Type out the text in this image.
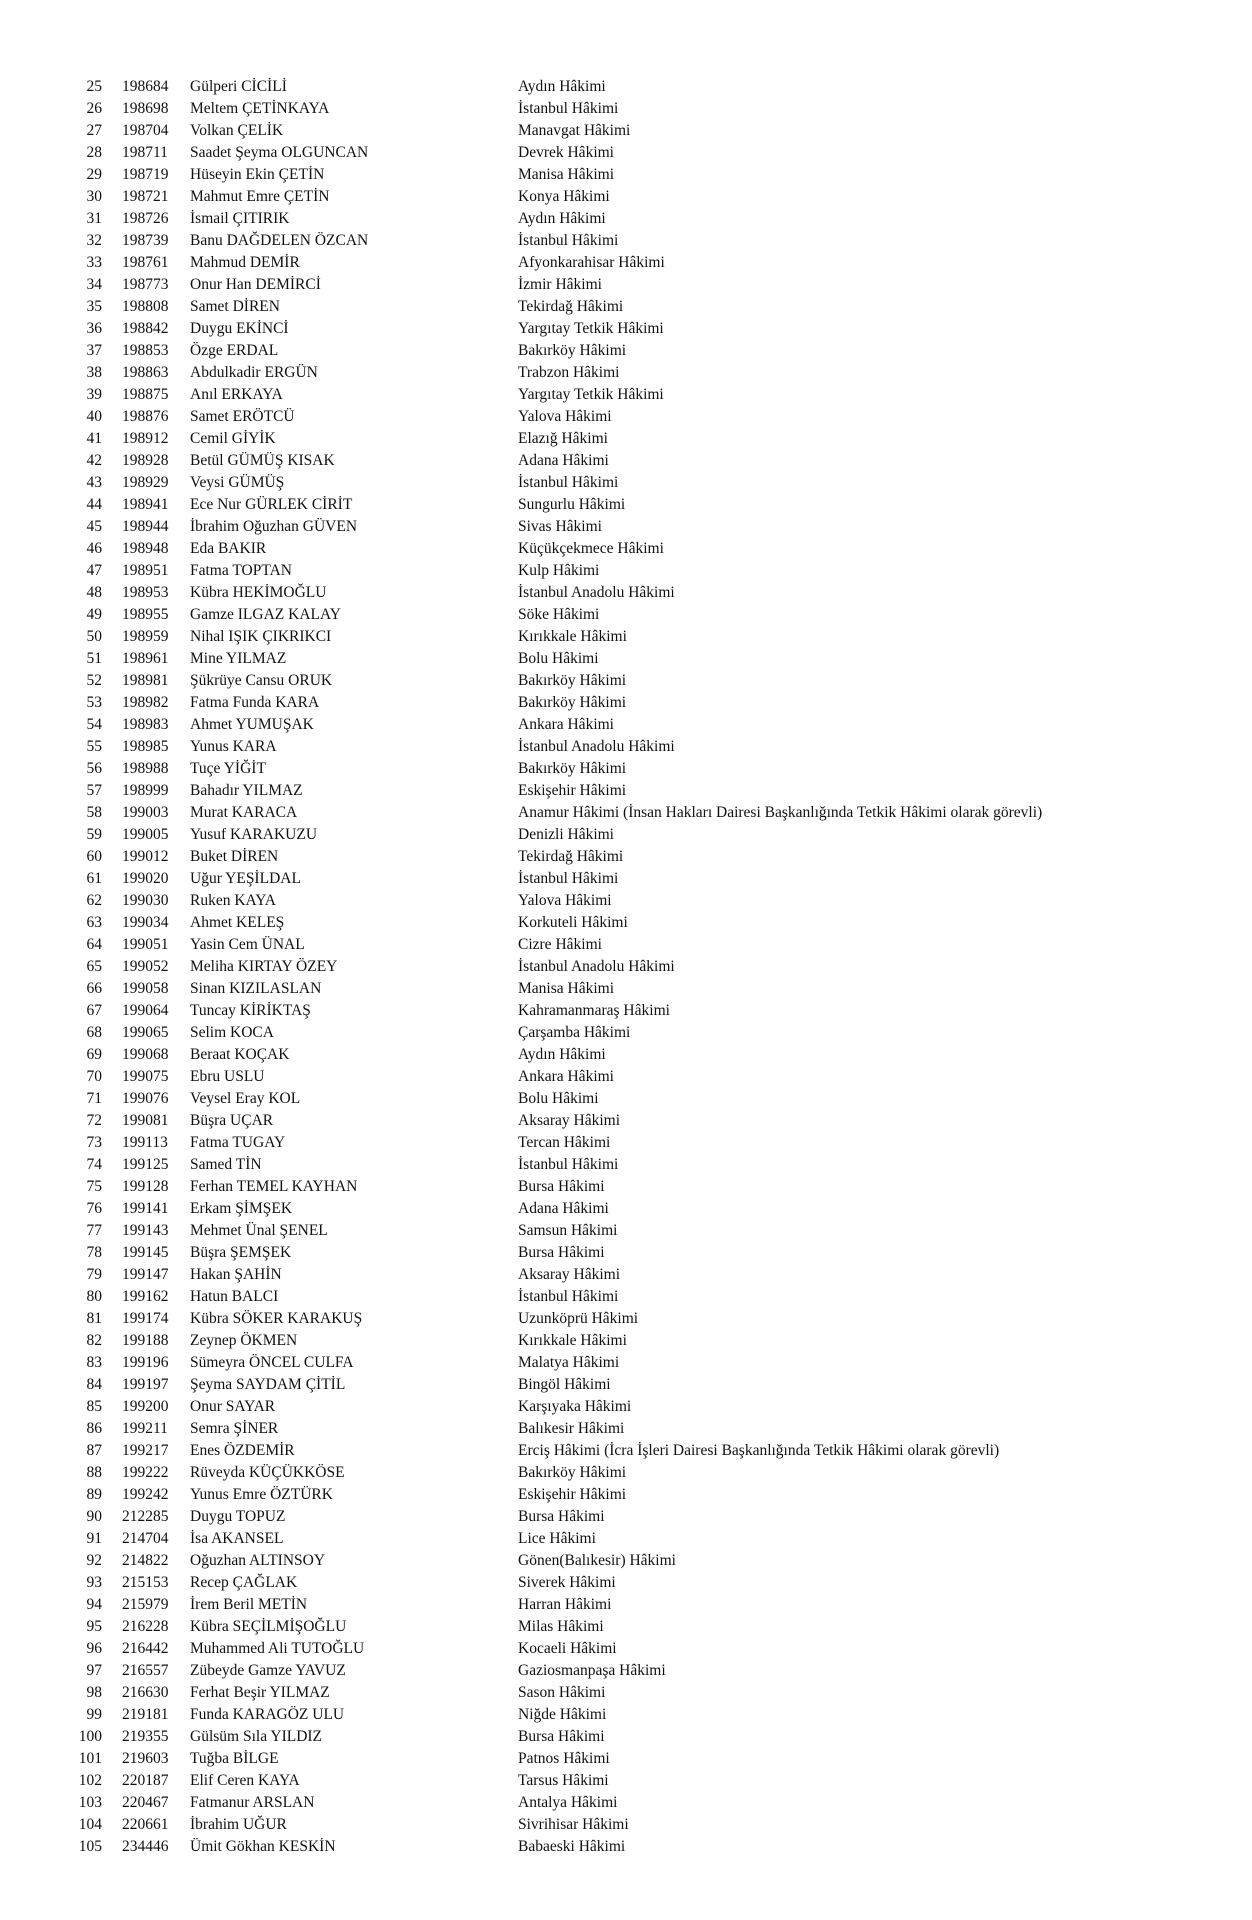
25 198684 Gülperi CİCİLİ	Aydın Hâkimi
26 198698 Meltem ÇETİNKAYA	İstanbul Hâkimi
27 198704 Volkan ÇELİK	Manavgat Hâkimi
28 198711 Saadet Şeyma OLGUNCAN	Devrek Hâkimi
29 198719 Hüseyin Ekin ÇETİN	Manisa Hâkimi
30 198721 Mahmut Emre ÇETİN	Konya Hâkimi
31 198726 İsmail ÇITIRIK	Aydın Hâkimi
32 198739 Banu DAĞDELEN ÖZCAN	İstanbul Hâkimi
33 198761 Mahmud DEMİR	Afyonkarahisar Hâkimi
34 198773 Onur Han DEMİRCİ	İzmir Hâkimi
35 198808 Samet DİREN	Tekirdağ Hâkimi
36 198842 Duygu EKİNCİ	Yargıtay Tetkik Hâkimi
37 198853 Özge ERDAL	Bakırköy Hâkimi
38 198863 Abdulkadir ERGÜN	Trabzon Hâkimi
39 198875 Anıl ERKAYA	Yargıtay Tetkik Hâkimi
40 198876 Samet ERÖTCÜ	Yalova Hâkimi
41 198912 Cemil GİYİK	Elazığ Hâkimi
42 198928 Betül GÜMÜŞ KISAK	Adana Hâkimi
43 198929 Veysi GÜMÜŞ	İstanbul Hâkimi
44 198941 Ece Nur GÜRLEK CİRİT	Sungurlu Hâkimi
45 198944 İbrahim Oğuzhan GÜVEN	Sivas Hâkimi
46 198948 Eda BAKIR	Küçükçekmece Hâkimi
47 198951 Fatma TOPTAN	Kulp Hâkimi
48 198953 Kübra HEKİMOĞLU	İstanbul Anadolu Hâkimi
49 198955 Gamze ILGAZ KALAY	Söke Hâkimi
50 198959 Nihal IŞIK ÇIKRIKCI	Kırıkkale Hâkimi
51 198961 Mine YILMAZ	Bolu Hâkimi
52 198981 Şükrüye Cansu ORUK	Bakırköy Hâkimi
53 198982 Fatma Funda KARA	Bakırköy Hâkimi
54 198983 Ahmet YUMUŞAK	Ankara Hâkimi
55 198985 Yunus KARA	İstanbul Anadolu Hâkimi
56 198988 Tuçe YİĞİT	Bakırköy Hâkimi
57 198999 Bahadır YILMAZ	Eskişehir Hâkimi
58 199003 Murat KARACA	Anamur Hâkimi (İnsan Hakları Dairesi Başkanlığında Tetkik Hâkimi olarak görevli)
59 199005 Yusuf KARAKUZU	Denizli Hâkimi
60 199012 Buket DİREN	Tekirdağ Hâkimi
61 199020 Uğur YEŞİLDAL	İstanbul Hâkimi
62 199030 Ruken KAYA	Yalova Hâkimi
63 199034 Ahmet KELEŞ	Korkuteli Hâkimi
64 199051 Yasin Cem ÜNAL	Cizre Hâkimi
65 199052 Meliha KIRTAY ÖZEY	İstanbul Anadolu Hâkimi
66 199058 Sinan KIZILASLAN	Manisa Hâkimi
67 199064 Tuncay KİRİKTAŞ	Kahramanmaraş Hâkimi
68 199065 Selim KOCA	Çarşamba Hâkimi
69 199068 Beraat KOÇAK	Aydın Hâkimi
70 199075 Ebru USLU	Ankara Hâkimi
71 199076 Veysel Eray KOL	Bolu Hâkimi
72 199081 Büşra UÇAR	Aksaray Hâkimi
73 199113 Fatma TUGAY	Tercan Hâkimi
74 199125 Samed TİN	İstanbul Hâkimi
75 199128 Ferhan TEMEL KAYHAN	Bursa Hâkimi
76 199141 Erkam ŞİMŞEK	Adana Hâkimi
77 199143 Mehmet Ünal ŞENEL	Samsun Hâkimi
78 199145 Büşra ŞEMŞEK	Bursa Hâkimi
79 199147 Hakan ŞAHİN	Aksaray Hâkimi
80 199162 Hatun BALCI	İstanbul Hâkimi
81 199174 Kübra SÖKER KARAKUŞ	Uzunköprü Hâkimi
82 199188 Zeynep ÖKMEN	Kırıkkale Hâkimi
83 199196 Sümeyra ÖNCEL CULFA	Malatya Hâkimi
84 199197 Şeyma SAYDAM ÇİTİL	Bingöl Hâkimi
85 199200 Onur SAYAR	Karşıyaka Hâkimi
86 199211 Semra ŞİNER	Balıkesir Hâkimi
87 199217 Enes ÖZDEMİR	Erciş Hâkimi (İcra İşleri Dairesi Başkanlığında Tetkik Hâkimi olarak görevli)
88 199222 Rüveyda KÜÇÜKKÖSE	Bakırköy Hâkimi
89 199242 Yunus Emre ÖZTÜRK	Eskişehir Hâkimi
90 212285 Duygu TOPUZ	Bursa Hâkimi
91 214704 İsa AKANSEL	Lice Hâkimi
92 214822 Oğuzhan ALTINSOY	Gönen(Balıkesir) Hâkimi
93 215153 Recep ÇAĞLAK	Siverek Hâkimi
94 215979 İrem Beril METİN	Harran Hâkimi
95 216228 Kübra SEÇİLMİŞOĞLU	Milas Hâkimi
96 216442 Muhammed Ali TUTOĞLU	Kocaeli Hâkimi
97 216557 Zübeyde Gamze YAVUZ	Gaziosmanpaşa Hâkimi
98 216630 Ferhat Beşir YILMAZ	Sason Hâkimi
99 219181 Funda KARAGÖZ ULU	Niğde Hâkimi
100 219355 Gülsüm Sıla YILDIZ	Bursa Hâkimi
101 219603 Tuğba BİLGE	Patnos Hâkimi
102 220187 Elif Ceren KAYA	Tarsus Hâkimi
103 220467 Fatmanur ARSLAN	Antalya Hâkimi
104 220661 İbrahim UĞUR	Sivrihisar Hâkimi
105 234446 Ümit Gökhan KESKİN	Babaeski Hâkimi
